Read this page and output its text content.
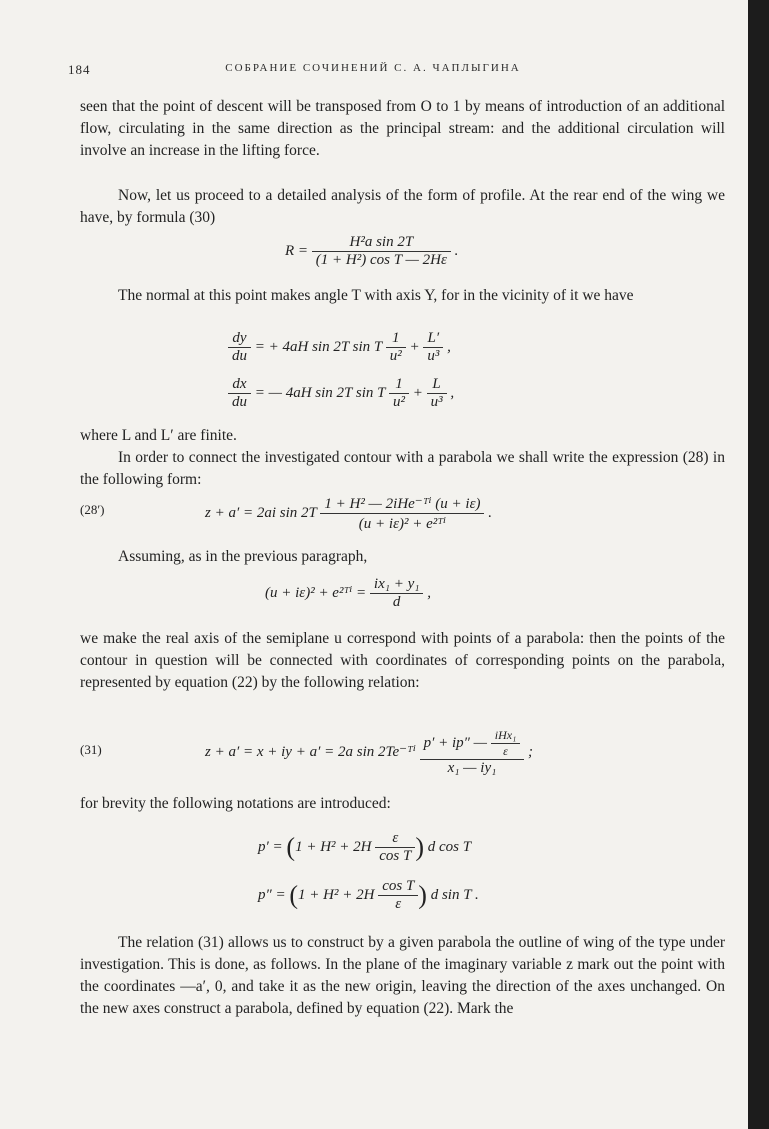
184	СОБРАНИЕ СОЧИНЕНИЙ С. А. ЧАПЛЫГИНА
seen that the point of descent will be transposed from O to 1 by means of introduction of an additional flow, circulating in the same direction as the principal stream: and the additional circulation will involve an increase in the lifting force.
Now, let us proceed to a detailed analysis of the form of profile. At the rear end of the wing we have, by formula (30)
$R = \frac{\text{H²a sin 2T}}{\text{(1 + H²) cos T — 2Hε}}$ .
The normal at this point makes angle T with axis Y, for in the vicinity of it we have
$\frac{dy}{du}$ = + 4aH sin 2T sin T $\frac{1}{\text{u²}} + \frac{L'}{\text{u³}}$ ,
$\frac{dx}{du}$ = — 4aH sin 2T sin T $\frac{1}{\text{u²}} + \frac{L}{\text{u³}}$ ,
where L and L′ are finite.
In order to connect the investigated contour with a parabola we shall write the expression (28) in the following form:
(28′)	z + a′ = 2ai $\sin 2T \frac{\text{1 + H² — 2iHe⁻ᵀⁱ (u + iε)}}{\text{(u + iε)² + e²ᵀⁱ}}$ .
Assuming, as in the previous paragraph,
(u + iε)² + e²ᵀⁱ = $\frac{\text{ix₁ + y₁}}{d}$ ,
we make the real axis of the semiplane u correspond with points of a parabola: then the points of the contour in question will be connected with coordinates of corresponding points on the parabola, represented by equation (22) by the following relation:
(31)	z + a′ = x + iy + a′ = 2a sin 2Te⁻ᵀⁱ $\frac{p' + ip'' — \frac{\text{iHx₁}}{\varepsilon}}{\text{x₁ — iy₁}}$ ;
for brevity the following notations are introduced:
$p' = (1 + H^2 + 2H \frac{\varepsilon}{\text{cos T}}$ ) d cos T
$p'' = (1 + H^2 + 2H \frac{\text{cos T}}{\varepsilon}$ ) d sin T .
The relation (31) allows us to construct by a given parabola the outline of wing of the type under investigation. This is done, as follows. In the plane of the imaginary variable z mark out the point with the coordinates —a′, 0, and take it as the new origin, leaving the direction of the axes unchanged. On the new axes construct a parabola, defined by equation (22). Mark the
